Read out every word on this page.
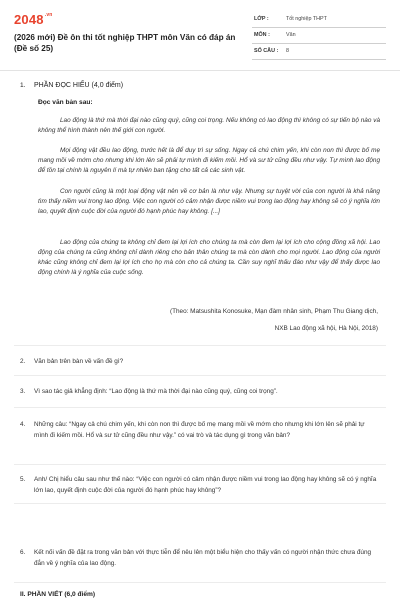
$2048^{.vn}$
(2026 mới) Đề ôn thi tốt nghiệp THPT môn Văn có đáp án (Đề số 25)
LỚP :	Tốt nghiệp THPT
MÔN :	Văn
SỐ CÂU : 8
1. PHẦN ĐỌC HIỂU (4,0 điểm)
Đọc văn bản sau:
Lao động là thứ mà thời đại nào cũng quý, cũng coi trọng. Nếu không có lao động thì không có sự tiến bộ nào và không thể hình thành nên thế giới con người.
Mọi động vật đều lao động, trước hết là để duy trì sự sống. Ngay cả chú chim yến, khi còn non thì được bố mẹ mang mồi về mớm cho nhưng khi lớn lên sẽ phải tự mình đi kiếm mồi. Hổ và sư tử cũng đều như vậy. Tự mình lao động để tồn tại chính là nguyên lí mà tự nhiên ban tặng cho tất cả các sinh vật.
Con người cũng là một loại động vật nên về cơ bản là như vậy. Nhưng sự tuyệt vời của con người là khả năng tìm thấy niềm vui trong lao động. Việc con người có cảm nhận được niềm vui trong lao động hay không sẽ có ý nghĩa lớn lao, quyết định cuộc đời của người đó hạnh phúc hay không. [...]
Lao động của chúng ta không chỉ đem lại lợi ích cho chúng ta mà còn đem lại lợi ích cho cộng đồng xã hội. Lao động của chúng ta cũng không chỉ dành riêng cho bản thân chúng ta mà còn dành cho mọi người. Lao động của người khác cũng không chỉ đem lại lợi ích cho họ mà còn cho cả chúng ta. Cần suy nghĩ thấu đáo như vậy để thấy được lao động chính là ý nghĩa của cuộc sống.
(Theo: Matsushita Konosuke, Mạn đàm nhân sinh, Phạm Thu Giang dịch,
NXB Lao động xã hội, Hà Nội, 2018)
2. Văn bản trên bàn về vấn đề gì?
3. Vì sao tác giả khẳng định: “Lao động là thứ mà thời đại nào cũng quý, cũng coi trọng”.
4. Những câu: “Ngay cả chú chim yến, khi còn non thì được bố mẹ mang mồi về mớm cho nhưng khi lớn lên sẽ phải tự mình đi kiếm mồi. Hổ và sư tử cũng đều như vậy.” có vai trò và tác dụng gì trong văn bản?
5. Anh/ Chị hiểu câu sau như thế nào: “Việc con người có cảm nhận được niềm vui trong lao động hay không sẽ có ý nghĩa lớn lao, quyết định cuộc đời của người đó hạnh phúc hay không”?
6. Kết nối vấn đề đặt ra trong văn bản với thực tiễn để nêu lên một biểu hiện cho thấy vấn có người nhận thức chưa đúng đắn về ý nghĩa của lao động.
II. PHẦN VIẾT (6,0 điểm)
